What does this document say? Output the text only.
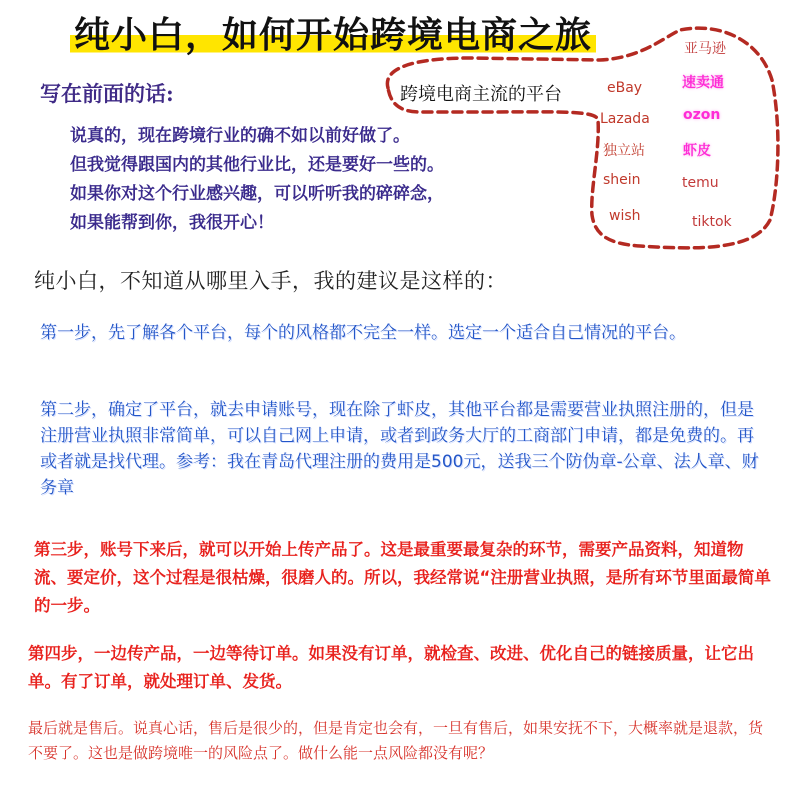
纯小白，如何开始跨境电商之旅
写在前面的话:
说真的，现在跨境行业的确不如以前好做了。
但我觉得跟国内的其他行业比，还是要好一些的。
如果你对这个行业感兴趣，可以听听我的碎碎念，
如果能帮到你，我很开心！
跨境电商主流的平台
亚马逊
速卖通
eBay
ozon
Lazada
独立站	虾皮
shein	temu
wish	tiktok
纯小白，不知道从哪里入手，我的建议是这样的：
第一步，先了解各个平台，每个的风格都不完全一样。选定一个适合自己情况的平台。
第二步，确定了平台，就去申请账号，现在除了虾皮，其他平台都是需要营业执照注册的，但是注册营业执照非常简单，可以自己网上申请，或者到政务大厅的工商部门申请，都是免费的。再或者就是找代理。参考：我在青岛代理注册的费用是500元，送我三个防伪章-公章、法人章、财务章
第三步，账号下来后，就可以开始上传产品了。这是最重要最复杂的环节，需要产品资料，知道物流、要定价，这个过程是很枯燥，很磨人的。所以，我经常说“注册营业执照，是所有环节里面最简单的一步。
第四步，一边传产品，一边等待订单。如果没有订单，就检查、改进、优化自己的链接质量，让它出单。有了订单，就处理订单、发货。
最后就是售后。说真心话，售后是很少的，但是肯定也会有，一旦有售后，如果安抚不下，大概率就是退款，货不要了。这也是做跨境唯一的风险点了。做什么能一点风险都没有呢？
